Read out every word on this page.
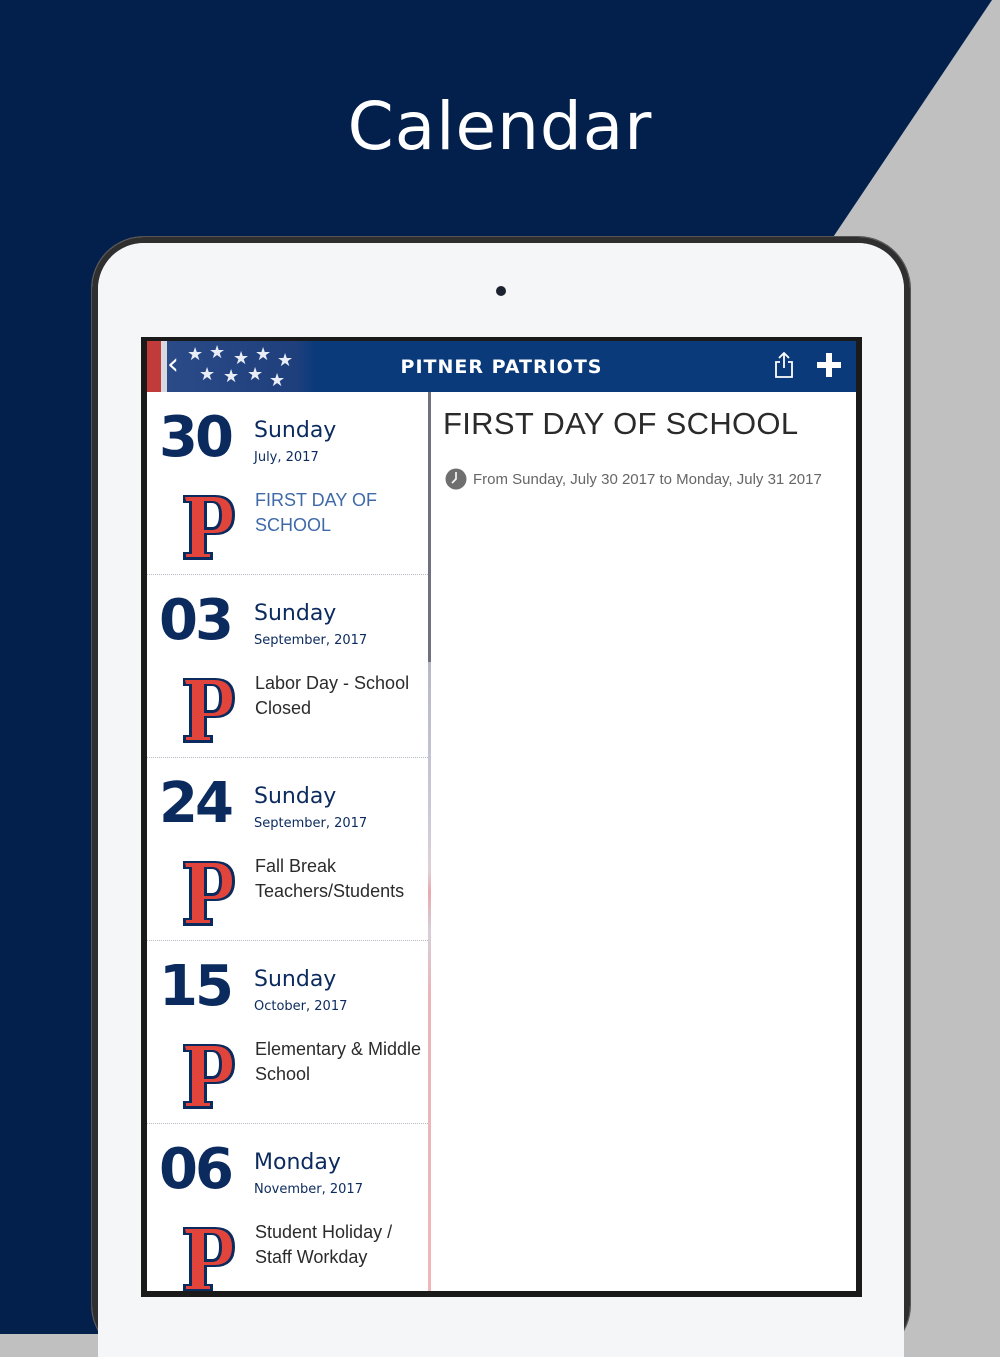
Calendar
★ ★ ★ ★ ★
★ ★ ★ ★
‹	PITNER PATRIOTS
30 Sunday
July, 2017
FIRST DAY OF SCHOOL
03 Sunday
September, 2017
Labor Day - School Closed
24 Sunday
September, 2017
Fall Break Teachers/Students
15 Sunday
October, 2017
Elementary & Middle School
06 Monday
November, 2017
Student Holiday / Staff Workday
FIRST DAY OF SCHOOL
From Sunday, July 30 2017 to Monday, July 31 2017
